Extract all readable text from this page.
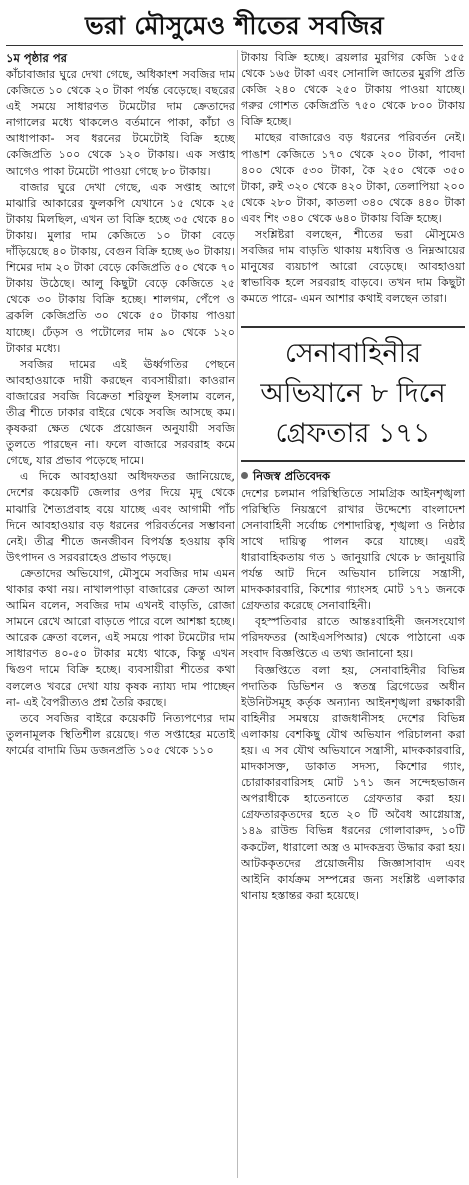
ভরা মৌসুমেও শীতের সবজির
১ম পৃষ্ঠার পর

কাঁচাবাজার ঘুরে দেখা গেছে, অধিকাংশ সবজির দাম কেজিতে ১০ থেকে ২০ টাকা পর্যন্ত বেড়েছে। বছরের এই সময়ে সাধারণত টমেটোর দাম ক্রেতাদের নাগালের মধ্যে থাকলেও বর্তমানে পাকা, কাঁচা ও আধাপাকা- সব ধরনের টমেটোই বিক্রি হচ্ছে কেজিপ্রতি ১০০ থেকে ১২০ টাকায়। এক সপ্তাহ আগেও পাকা টমেটো পাওয়া গেছে ৮০ টাকায়।

বাজার ঘুরে দেখা গেছে, এক সপ্তাহ আগে মাঝারি আকারের ফুলকপি যেখানে ১৫ থেকে ২৫ টাকায় মিলছিল, এখন তা বিক্রি হচ্ছে ৩৫ থেকে ৪০ টাকায়। মুলার দাম কেজিতে ১০ টাকা বেড়ে দাঁড়িয়েছে ৪০ টাকায়, বেগুন বিক্রি হচ্ছে ৬০ টাকায়। শিমের দাম ২০ টাকা বেড়ে কেজিপ্রতি ৫০ থেকে ৭০ টাকায় উঠেছে। আলু কিছুটা বেড়ে কেজিতে ২৫ থেকে ৩০ টাকায় বিক্রি হচ্ছে। শালগম, পেঁপে ও ব্রকলি কেজিপ্রতি ৩০ থেকে ৫০ টাকায় পাওয়া যাচ্ছে। ঢেঁড়স ও পটোলের দাম ৯০ থেকে ১২০ টাকার মধ্যে।

সবজির দামের এই ঊর্ধ্বগতির পেছনে আবহাওয়াকে দায়ী করছেন ব্যবসায়ীরা। কাওরান বাজারের সবজি বিক্রেতা শরিফুল ইসলাম বলেন, তীব্র শীতে ঢাকার বাইরে থেকে সবজি আসছে কম। কৃষকরা ক্ষেত থেকে প্রয়োজন অনুযায়ী সবজি তুলতে পারছেন না। ফলে বাজারে সরবরাহ কমে গেছে, যার প্রভাব পড়েছে দামে।

এ দিকে আবহাওয়া অধিদফতর জানিয়েছে, দেশের কয়েকটি জেলার ওপর দিয়ে মৃদু থেকে মাঝারি শৈত্যপ্রবাহ বয়ে যাচ্ছে এবং আগামী পাঁচ দিনে আবহাওয়ার বড় ধরনের পরিবর্তনের সম্ভাবনা নেই। তীব্র শীতে জনজীবন বিপর্যস্ত হওয়ায় কৃষি উৎপাদন ও সরবরাহেও প্রভাব পড়ছে।

ক্রেতাদের অভিযোগ, মৌসুমে সবজির দাম এমন থাকার কথা নয়। নাখালপাড়া বাজারের ক্রেতা আল আমিন বলেন, সবজির দাম এখনই বাড়তি, রোজা সামনে রেখে আরো বাড়তে পারে বলে আশঙ্কা হচ্ছে। আরেক ক্রেতা বলেন, এই সময়ে পাকা টমেটোর দাম সাধারণত ৪০-৫০ টাকার মধ্যে থাকে, কিন্তু এখন দ্বিগুণ দামে বিক্রি হচ্ছে। ব্যবসায়ীরা শীতের কথা বললেও খবরে দেখা যায় কৃষক ন্যায্য দাম পাচ্ছেন না- এই বৈপরীত্যও প্রশ্ন তৈরি করছে।

তবে সবজির বাইরে কয়েকটি নিত্যপণ্যের দাম তুলনামূলক স্থিতিশীল রয়েছে। গত সপ্তাহের মতোই ফার্মের বাদামি ডিম ডজনপ্রতি ১০৫ থেকে ১১০

টাকায় বিক্রি হচ্ছে। ব্রয়লার মুরগির কেজি ১৫৫ থেকে ১৬৫ টাকা এবং সোনালি জাতের মুরগি প্রতি কেজি ২৪০ থেকে ২৫০ টাকায় পাওয়া যাচ্ছে। গরুর গোশত কেজিপ্রতি ৭৫০ থেকে ৮০০ টাকায় বিক্রি হচ্ছে।

মাছের বাজারেও বড় ধরনের পরিবর্তন নেই। পাঙাশ কেজিতে ১৭০ থেকে ২০০ টাকা, পাবদা ৪০০ থেকে ৫৩০ টাকা, কৈ ২৫০ থেকে ৩৫০ টাকা, রুই ৩২০ থেকে ৪২০ টাকা, তেলাপিয়া ২০০ থেকে ২৮০ টাকা, কাতলা ৩৪০ থেকে ৪৪০ টাকা এবং শিং ৩৪০ থেকে ৬৪০ টাকায় বিক্রি হচ্ছে।

সংশ্লিষ্টরা বলছেন, শীতের ভরা মৌসুমেও সবজির দাম বাড়তি থাকায় মধ্যবিত্ত ও নিম্নআয়ের মানুষের ব্যয়চাপ আরো বেড়েছে। আবহাওয়া স্বাভাবিক হলে সরবরাহ বাড়বে। তখন দাম কিছুটা কমতে পারে- এমন আশার কথাই বলছেন তারা।

সেনাবাহিনীর অভিযানে ৮ দিনে গ্রেফতার ১৭১
নিজস্ব প্রতিবেদক

দেশের চলমান পরিস্থিতিতে সামগ্রিক আইনশৃঙ্খলা পরিস্থিতি নিয়ন্ত্রণে রাখার উদ্দেশ্যে বাংলাদেশ সেনাবাহিনী সর্বোচ্চ পেশাদারিত্ব, শৃঙ্খলা ও নিষ্ঠার সাথে দায়িত্ব পালন করে যাচ্ছে। এরই ধারাবাহিকতায় গত ১ জানুয়ারি থেকে ৮ জানুয়ারি পর্যন্ত আট দিনে অভিযান চালিয়ে সন্ত্রাসী, মাদককারবারি, কিশোর গ্যাংসহ মোট ১৭১ জনকে গ্রেফতার করেছে সেনাবাহিনী।

বৃহস্পতিবার রাতে আন্তঃবাহিনী জনসংযোগ পরিদফতর (আইএসপিআর) থেকে পাঠানো এক সংবাদ বিজ্ঞপ্তিতে এ তথ্য জানানো হয়।

বিজ্ঞপ্তিতে বলা হয়, সেনাবাহিনীর বিভিন্ন পদাতিক ডিভিশন ও স্বতন্ত্র ব্রিগেডের অধীন ইউনিটসমূহ কর্তৃক অন্যান্য আইনশৃঙ্খলা রক্ষাকারী বাহিনীর সমন্বয়ে রাজধানীসহ দেশের বিভিন্ন এলাকায় বেশকিছু যৌথ অভিযান পরিচালনা করা হয়। এ সব যৌথ অভিযানে সন্ত্রাসী, মাদককারবারি, মাদকাসক্ত, ডাকাত সদস্য, কিশোর গ্যাং, চোরাকারবারিসহ মোট ১৭১ জন সন্দেহভাজন অপরাধীকে হাতেনাতে গ্রেফতার করা হয়। গ্রেফতারকৃতদের হতে ২০ টি অবৈধ আগ্নেয়াস্ত্র, ১৪৯ রাউন্ড বিভিন্ন ধরনের গোলাবারুদ, ১০টি ককটেল, ধারালো অস্ত্র ও মাদকদ্রব্য উদ্ধার করা হয়। আটককৃতদের প্রয়োজনীয় জিজ্ঞাসাবাদ এবং আইনি কার্যক্রম সম্পন্নের জন্য সংশ্লিষ্ট এলাকার থানায় হস্তান্তর করা হয়েছে।
